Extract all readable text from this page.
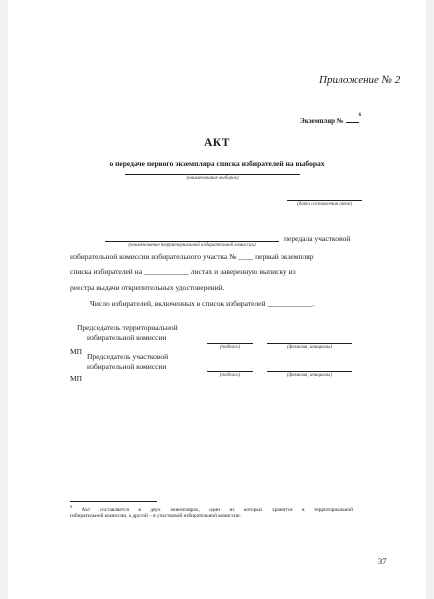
Приложение № 2
Экземпляр № $^6$
АКТ
о передаче первого экземпляра списка избирателей на выборах
(наименование выборов)
(дата составления акта)
передала участковой
(наименование территориальной избирательной комиссии)
избирательной комиссии избирательного участка № ____ первый экземпляр
списка избирателей на ____________ листах и заверенную выписку из
реестра выдачи открепительных удостоверений.
Число избирателей, включенных в список избирателей ____________.
Председатель территориальной
избирательной комиссии
МП	(подпись)	(фамилия, инициалы)
Председатель участковой
избирательной комиссии
МП	(подпись)	(фамилия, инициалы)
$^6$ Акт составляется в двух экземплярах, один из которых хранится в территориальной
избирательной комиссии, а другой – в участковой избирательной комиссии.
37
